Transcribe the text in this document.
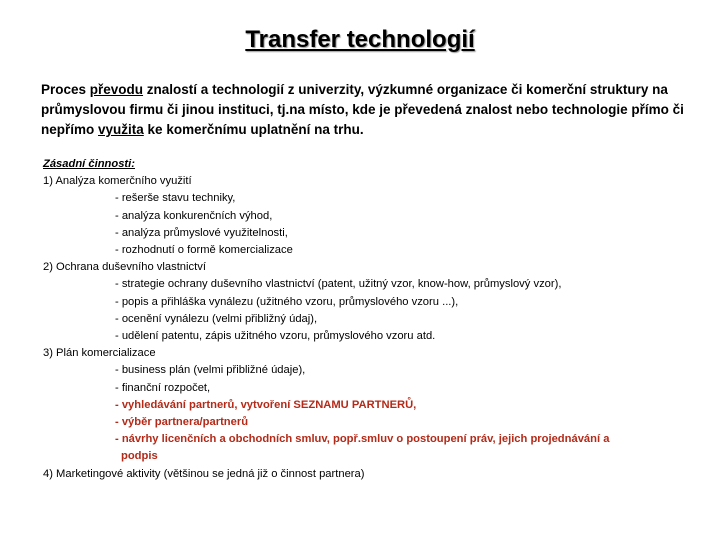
Transfer technologií
Proces převodu znalostí a technologií z univerzity, výzkumné organizace či komerční struktury na průmyslovou firmu či jinou instituci, tj.na místo, kde je převedená znalost nebo technologie přímo či nepřímo využita ke komerčnímu uplatnění na trhu.
Zásadní činnosti:
1) Analýza komerčního využití
- rešerše stavu techniky,
- analýza konkurenčních výhod,
- analýza průmyslové využitelnosti,
- rozhodnutí o formě komercializace
2) Ochrana duševního vlastnictví
- strategie ochrany duševního vlastnictví (patent, užitný vzor, know-how, průmyslový vzor),
- popis a přihláška vynálezu (užitného vzoru, průmyslového vzoru ...),
- ocenění vynálezu (velmi přibližný údaj),
- udělení patentu, zápis užitného vzoru, průmyslového vzoru atd.
3) Plán komercializace
- business plán (velmi přibližné údaje),
- finanční rozpočet,
- vyhledávání partnerů, vytvoření SEZNAMU PARTNERŮ,
- výběr partnera/partnerů
- návrhy licenčních a obchodních smluv, popř.smluv o postoupení práv, jejich projednávání a
podpis
4) Marketingové aktivity (většinou se jedná již o činnost partnera)
